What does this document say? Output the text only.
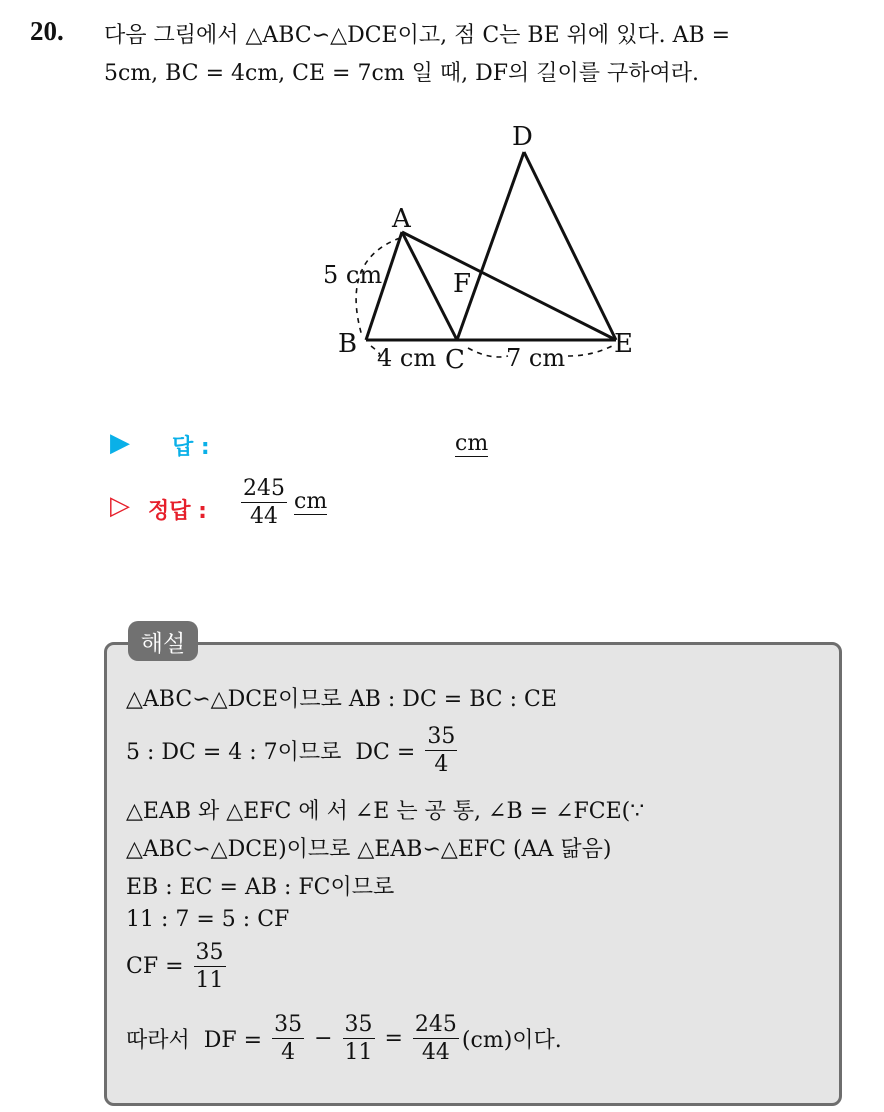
20. 다음 그림에서 △ABC∽△DCE이고, 점 C는 BE 위에 있다. AB =
5cm, BC = 4cm, CE = 7cm 일 때, DF의 길이를 구하여라.
D
A
F
B
C
E
5 cm
4 cm	7 cm
▶ 답 :	cm
▷ 정답 : $\frac{245}{44}$ cm
해설
△ABC∽△DCE이므로 AB : DC = BC : CE
5 : DC = 4 : 7이므로  DC = $\frac{35}{4}$
△EAB 와 △EFC 에 서 ∠E 는 공 통, ∠B = ∠FCE(∵
△ABC∽△DCE)이므로 △EAB∽△EFC (AA 닮음)
EB : EC = AB : FC이므로
11 : 7 = 5 : CF
CF = $\frac{35}{11}$
따라서  DF = $\frac{35}{4} - \frac{35}{11} = \frac{245}{44} (cm)$이다.
